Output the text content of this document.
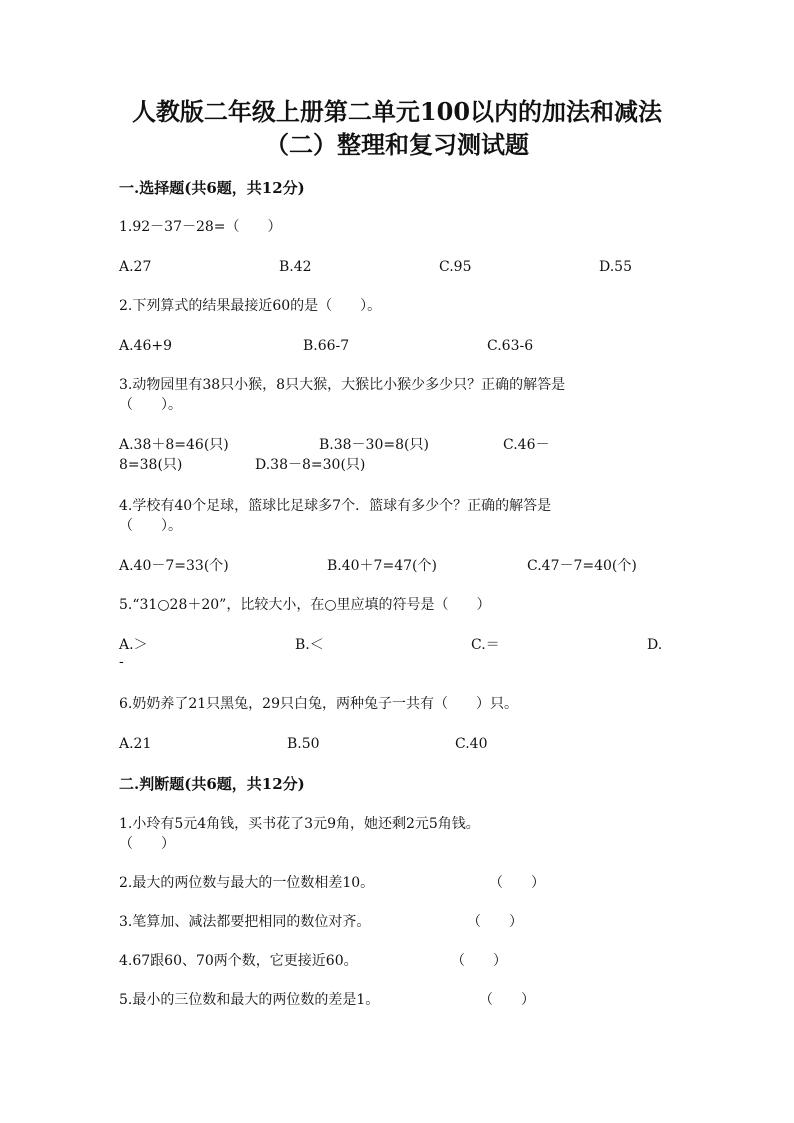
人教版二年级上册第二单元100以内的加法和减法
（二）整理和复习测试题
一.选择题(共6题，共12分)
1.92－37－28=（　　）
A.27	B.42	C.95	D.55
2.下列算式的结果最接近60的是（　　）。
A.46+9	B.66-7	C.63-6
3.动物园里有38只小猴，8只大猴，大猴比小猴少多少只？正确的解答是
（　　）。
A.38＋8=46(只)	B.38－30=8(只)	C.46－
8=38(只)	D.38－8=30(只)
4.学校有40个足球，篮球比足球多7个．篮球有多少个？正确的解答是
（　　）。
A.40－7=33(个)	B.40＋7=47(个)	C.47－7=40(个)
5.“31○28＋20”，比较大小，在○里应填的符号是（　　）
A.＞	B.＜	C.＝	D.
-
6.奶奶养了21只黑兔，29只白兔，两种兔子一共有（　　）只。
A.21	B.50	C.40
二.判断题(共6题，共12分)
1.小玲有5元4角钱，买书花了3元9角，她还剩2元5角钱。
（　　）
2.最大的两位数与最大的一位数相差10。	（　　）
3.笔算加、减法都要把相同的数位对齐。	（　　）
4.67跟60、70两个数，它更接近60。	（　　）
5.最小的三位数和最大的两位数的差是1。	（　　）
